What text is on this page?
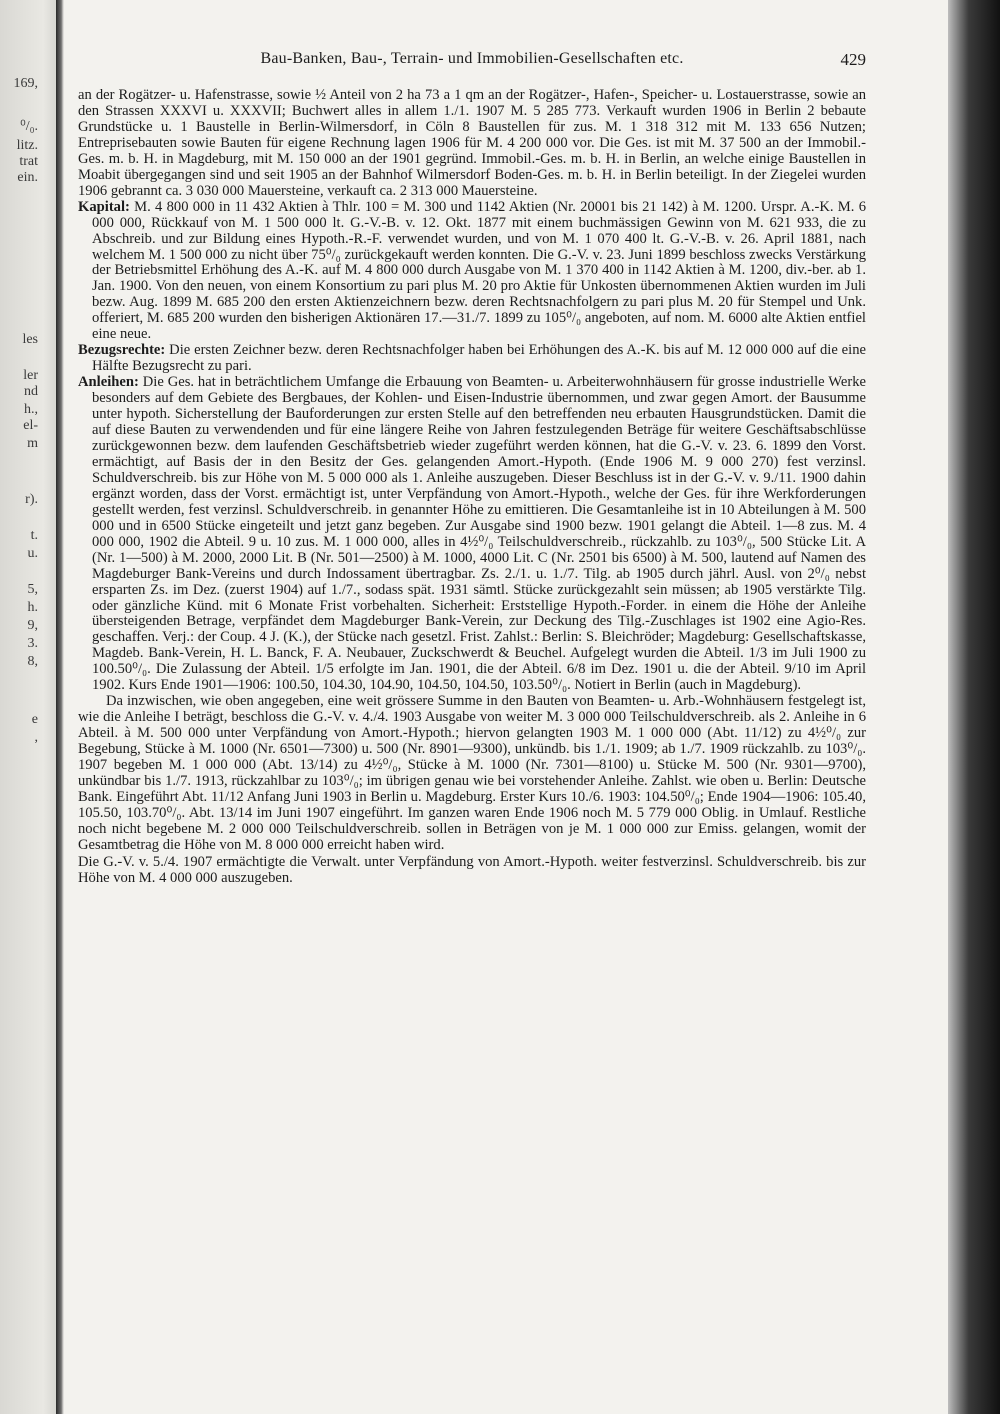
169,
⁰/₀.
litz.
trat
ein.
les
ler
nd
h.,
el-
m
r).
t.
u.
5,
h.
9,
3.
8,
e
,
Bau-Banken, Bau-, Terrain- und Immobilien-Gesellschaften etc.	429

an der Rogätzer- u. Hafenstrasse, sowie ½ Anteil von 2 ha 73 a 1 qm an der Rogätzer-, Hafen-, Speicher- u. Lostauerstrasse, sowie an den Strassen XXXVI u. XXXVII; Buchwert alles in allem 1./1. 1907 M. 5 285 773. Verkauft wurden 1906 in Berlin 2 bebaute Grundstücke u. 1 Baustelle in Berlin-Wilmersdorf, in Cöln 8 Baustellen für zus. M. 1 318 312 mit M. 133 656 Nutzen; Entreprisebauten sowie Bauten für eigene Rechnung lagen 1906 für M. 4 200 000 vor. Die Ges. ist mit M. 37 500 an der Immobil.-Ges. m. b. H. in Magdeburg, mit M. 150 000 an der 1901 gegründ. Immobil.-Ges. m. b. H. in Berlin, an welche einige Baustellen in Moabit übergegangen sind und seit 1905 an der Bahnhof Wilmersdorf Boden-Ges. m. b. H. in Berlin beteiligt. In der Ziegelei wurden 1906 gebrannt ca. 3 030 000 Mauersteine, verkauft ca. 2 313 000 Mauersteine.

Kapital: M. 4 800 000 in 11 432 Aktien à Thlr. 100 = M. 300 und 1142 Aktien (Nr. 20001 bis 21 142) à M. 1200. Urspr. A.-K. M. 6 000 000, Rückkauf von M. 1 500 000 lt. G.-V.-B. v. 12. Okt. 1877 mit einem buchmässigen Gewinn von M. 621 933, die zu Abschreib. und zur Bildung eines Hypoth.-R.-F. verwendet wurden, und von M. 1 070 400 lt. G.-V.-B. v. 26. April 1881, nach welchem M. 1 500 000 zu nicht über 75⁰/₀ zurückgekauft werden konnten. Die G.-V. v. 23. Juni 1899 beschloss zwecks Verstärkung der Betriebsmittel Erhöhung des A.-K. auf M. 4 800 000 durch Ausgabe von M. 1 370 400 in 1142 Aktien à M. 1200, div.-ber. ab 1. Jan. 1900. Von den neuen, von einem Konsortium zu pari plus M. 20 pro Aktie für Unkosten übernommenen Aktien wurden im Juli bezw. Aug. 1899 M. 685 200 den ersten Aktienzeichnern bezw. deren Rechtsnachfolgern zu pari plus M. 20 für Stempel und Unk. offeriert, M. 685 200 wurden den bisherigen Aktionären 17.—31./7. 1899 zu 105⁰/₀ angeboten, auf nom. M. 6000 alte Aktien entfiel eine neue.

Bezugsrechte: Die ersten Zeichner bezw. deren Rechtsnachfolger haben bei Erhöhungen des A.-K. bis auf M. 12 000 000 auf die eine Hälfte Bezugsrecht zu pari.

Anleihen: Die Ges. hat in beträchtlichem Umfange die Erbauung von Beamten- u. Arbeiterwohnhäusern für grosse industrielle Werke besonders auf dem Gebiete des Bergbaues, der Kohlen- und Eisen-Industrie übernommen, und zwar gegen Amort. der Bausumme unter hypoth. Sicherstellung der Bauforderungen zur ersten Stelle auf den betreffenden neu erbauten Hausgrundstücken. Damit die auf diese Bauten zu verwendenden und für eine längere Reihe von Jahren festzulegenden Beträge für weitere Geschäftsabschlüsse zurückgewonnen bezw. dem laufenden Geschäftsbetrieb wieder zugeführt werden können, hat die G.-V. v. 23. 6. 1899 den Vorst. ermächtigt, auf Basis der in den Besitz der Ges. gelangenden Amort.-Hypoth. (Ende 1906 M. 9 000 270) fest verzinsl. Schuldverschreib. bis zur Höhe von M. 5 000 000 als 1. Anleihe auszugeben. Dieser Beschluss ist in der G.-V. v. 9./11. 1900 dahin ergänzt worden, dass der Vorst. ermächtigt ist, unter Verpfändung von Amort.-Hypoth., welche der Ges. für ihre Werkforderungen gestellt werden, fest verzinsl. Schuldverschreib. in genannter Höhe zu emittieren. Die Gesamtanleihe ist in 10 Abteilungen à M. 500 000 und in 6500 Stücke eingeteilt und jetzt ganz begeben. Zur Ausgabe sind 1900 bezw. 1901 gelangt die Abteil. 1—8 zus. M. 4 000 000, 1902 die Abteil. 9 u. 10 zus. M. 1 000 000, alles in 4½⁰/₀ Teilschuldverschreib., rückzahlb. zu 103⁰/₀, 500 Stücke Lit. A (Nr. 1—500) à M. 2000, 2000 Lit. B (Nr. 501—2500) à M. 1000, 4000 Lit. C (Nr. 2501 bis 6500) à M. 500, lautend auf Namen des Magdeburger Bank-Vereins und durch Indossament übertragbar. Zs. 2./1. u. 1./7. Tilg. ab 1905 durch jährl. Ausl. von 2⁰/₀ nebst ersparten Zs. im Dez. (zuerst 1904) auf 1./7., sodass spät. 1931 sämtl. Stücke zurückgezahlt sein müssen; ab 1905 verstärkte Tilg. oder gänzliche Künd. mit 6 Monate Frist vorbehalten. Sicherheit: Erststellige Hypoth.-Forder. in einem die Höhe der Anleihe übersteigenden Betrage, verpfändet dem Magdeburger Bank-Verein, zur Deckung des Tilg.-Zuschlages ist 1902 eine Agio-Res. geschaffen. Verj.: der Coup. 4 J. (K.), der Stücke nach gesetzl. Frist. Zahlst.: Berlin: S. Bleichröder; Magdeburg: Gesellschaftskasse, Magdeb. Bank-Verein, H. L. Banck, F. A. Neubauer, Zuckschwerdt & Beuchel. Aufgelegt wurden die Abteil. 1/3 im Juli 1900 zu 100.50⁰/₀. Die Zulassung der Abteil. 1/5 erfolgte im Jan. 1901, die der Abteil. 6/8 im Dez. 1901 u. die der Abteil. 9/10 im April 1902. Kurs Ende 1901—1906: 100.50, 104.30, 104.90, 104.50, 104.50, 103.50⁰/₀. Notiert in Berlin (auch in Magdeburg).

Da inzwischen, wie oben angegeben, eine weit grössere Summe in den Bauten von Beamten- u. Arb.-Wohnhäusern festgelegt ist, wie die Anleihe I beträgt, beschloss die G.-V. v. 4./4. 1903 Ausgabe von weiter M. 3 000 000 Teilschuldverschreib. als 2. Anleihe in 6 Abteil. à M. 500 000 unter Verpfändung von Amort.-Hypoth.; hiervon gelangten 1903 M. 1 000 000 (Abt. 11/12) zu 4½⁰/₀ zur Begebung, Stücke à M. 1000 (Nr. 6501—7300) u. 500 (Nr. 8901—9300), unkündb. bis 1./1. 1909; ab 1./7. 1909 rückzahlb. zu 103⁰/₀. 1907 begeben M. 1 000 000 (Abt. 13/14) zu 4½⁰/₀, Stücke à M. 1000 (Nr. 7301—8100) u. Stücke M. 500 (Nr. 9301—9700), unkündbar bis 1./7. 1913, rückzahlbar zu 103⁰/₀; im übrigen genau wie bei vorstehender Anleihe. Zahlst. wie oben u. Berlin: Deutsche Bank. Eingeführt Abt. 11/12 Anfang Juni 1903 in Berlin u. Magdeburg. Erster Kurs 10./6. 1903: 104.50⁰/₀; Ende 1904—1906: 105.40, 105.50, 103.70⁰/₀. Abt. 13/14 im Juni 1907 eingeführt. Im ganzen waren Ende 1906 noch M. 5 779 000 Oblig. in Umlauf. Restliche noch nicht begebene M. 2 000 000 Teilschuldverschreib. sollen in Beträgen von je M. 1 000 000 zur Emiss. gelangen, womit der Gesamtbetrag die Höhe von M. 8 000 000 erreicht haben wird.

Die G.-V. v. 5./4. 1907 ermächtigte die Verwalt. unter Verpfändung von Amort.-Hypoth. weiter festverzinsl. Schuldverschreib. bis zur Höhe von M. 4 000 000 auszugeben.
